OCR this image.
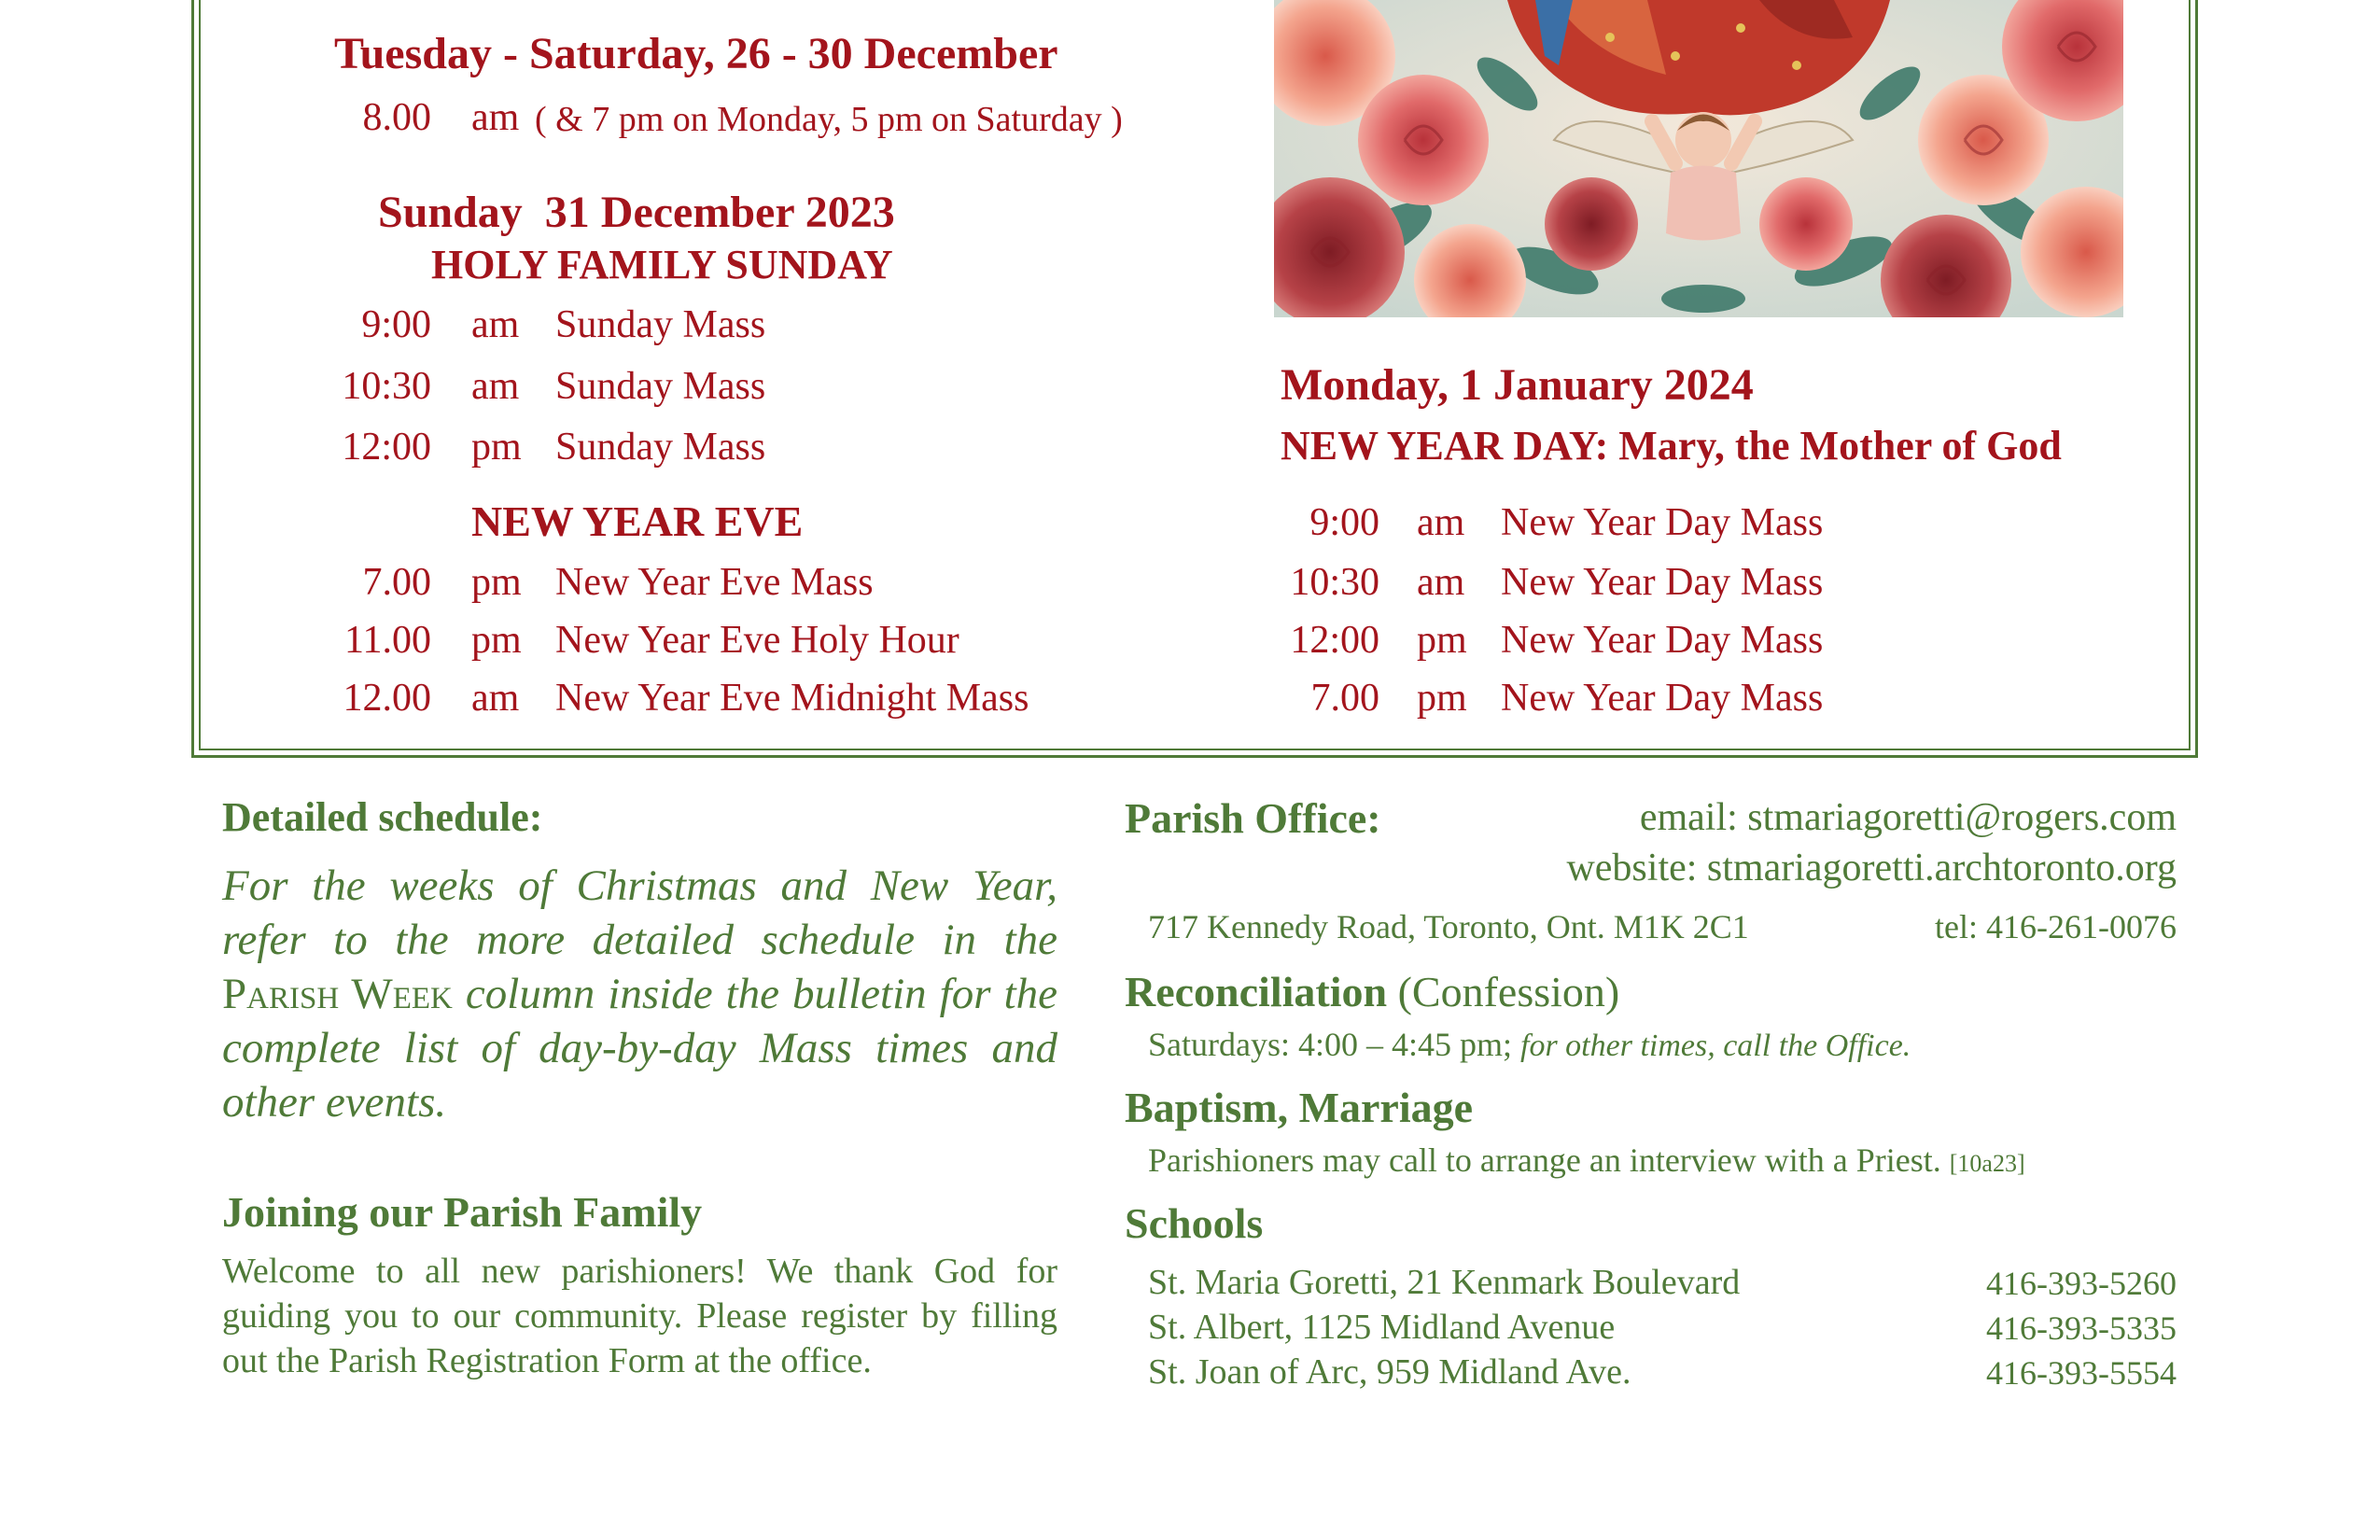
Tuesday - Saturday, 26 - 30 December
8.00 am ( & 7 pm on Monday, 5 pm on Saturday )
Sunday  31 December 2023
HOLY FAMILY SUNDAY
9:00 am Sunday Mass
10:30 am Sunday Mass
12:00 pm Sunday Mass
NEW YEAR EVE
7.00 pm New Year Eve Mass
11.00 pm New Year Eve Holy Hour
12.00 am New Year Eve Midnight Mass
Monday, 1 January 2024
NEW YEAR DAY: Mary, the Mother of God
9:00 am New Year Day Mass
10:30 am New Year Day Mass
12:00 pm New Year Day Mass
7.00 pm New Year Day Mass
Detailed schedule:
For the weeks of Christmas and New Year, refer to the more detailed schedule in the Parish Week column inside the bulletin for the complete list of day-by-day Mass times and other events.
Joining our Parish Family
Welcome to all new parishioners! We thank God for guiding you to our community. Please register by filling out the Parish Registration Form at the office.
Parish Office:	email: stmariagoretti@rogers.com
website: stmariagoretti.archtoronto.org
717 Kennedy Road, Toronto, Ont. M1K 2C1	tel: 416-261-0076
Reconciliation (Confession)
Saturdays: 4:00 – 4:45 pm; for other times, call the Office.
Baptism, Marriage
Parishioners may call to arrange an interview with a Priest. [10a23]
Schools
St. Maria Goretti, 21 Kenmark Boulevard	416-393-5260
St. Albert, 1125 Midland Avenue	416-393-5335
St. Joan of Arc, 959 Midland Ave.	416-393-5554
